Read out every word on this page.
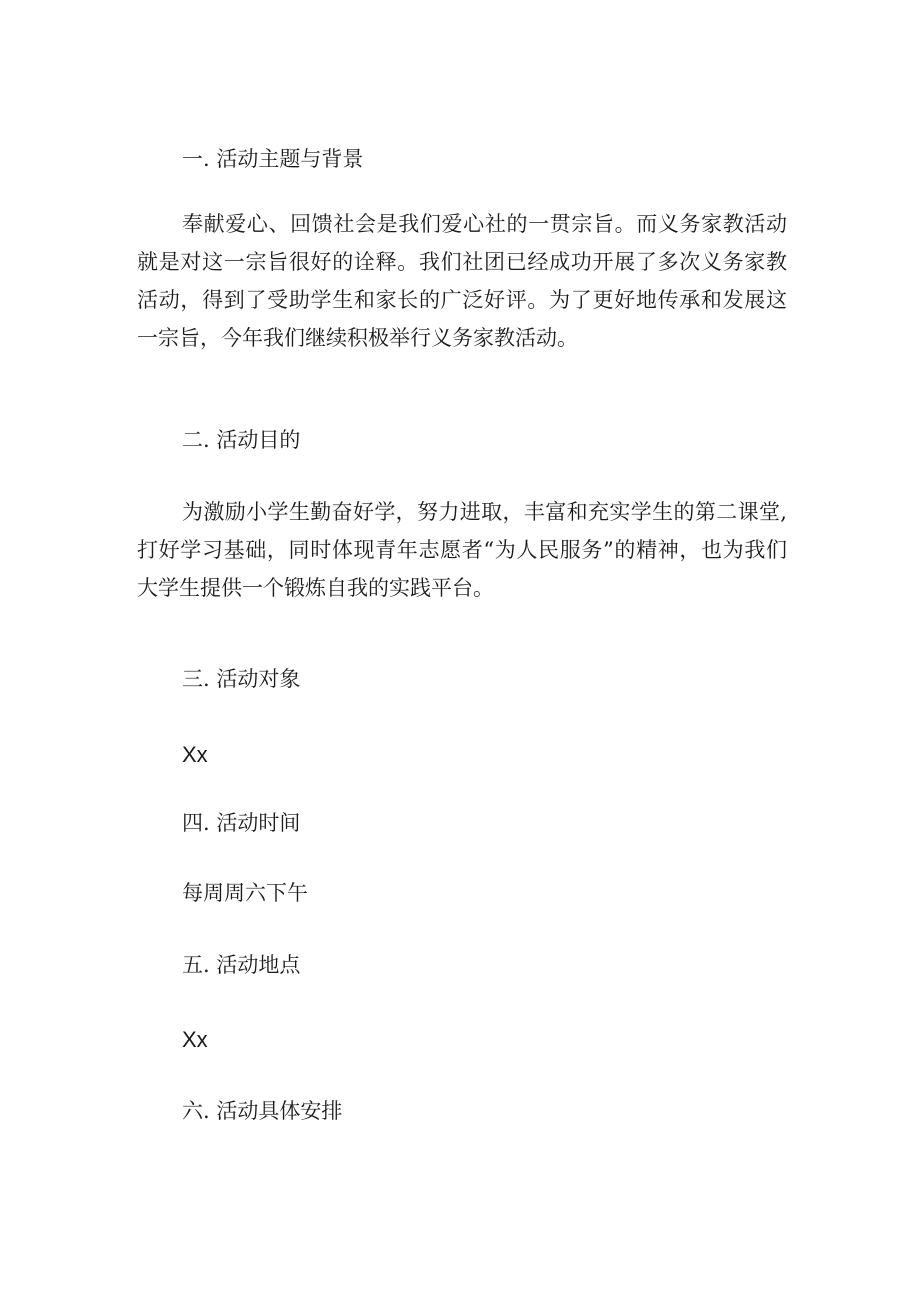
一. 活动主题与背景

奉献爱心、回馈社会是我们爱心社的一贯宗旨。而义务家教活动就是对这一宗旨很好的诠释。我们社团已经成功开展了多次义务家教活动，得到了受助学生和家长的广泛好评。为了更好地传承和发展这一宗旨，今年我们继续积极举行义务家教活动。

二. 活动目的

为激励小学生勤奋好学，努力进取，丰富和充实学生的第二课堂, 打好学习基础，同时体现青年志愿者“为人民服务”的精神，也为我们大学生提供一个锻炼自我的实践平台。

三. 活动对象

Xx

四. 活动时间

每周周六下午

五. 活动地点

Xx

六. 活动具体安排
